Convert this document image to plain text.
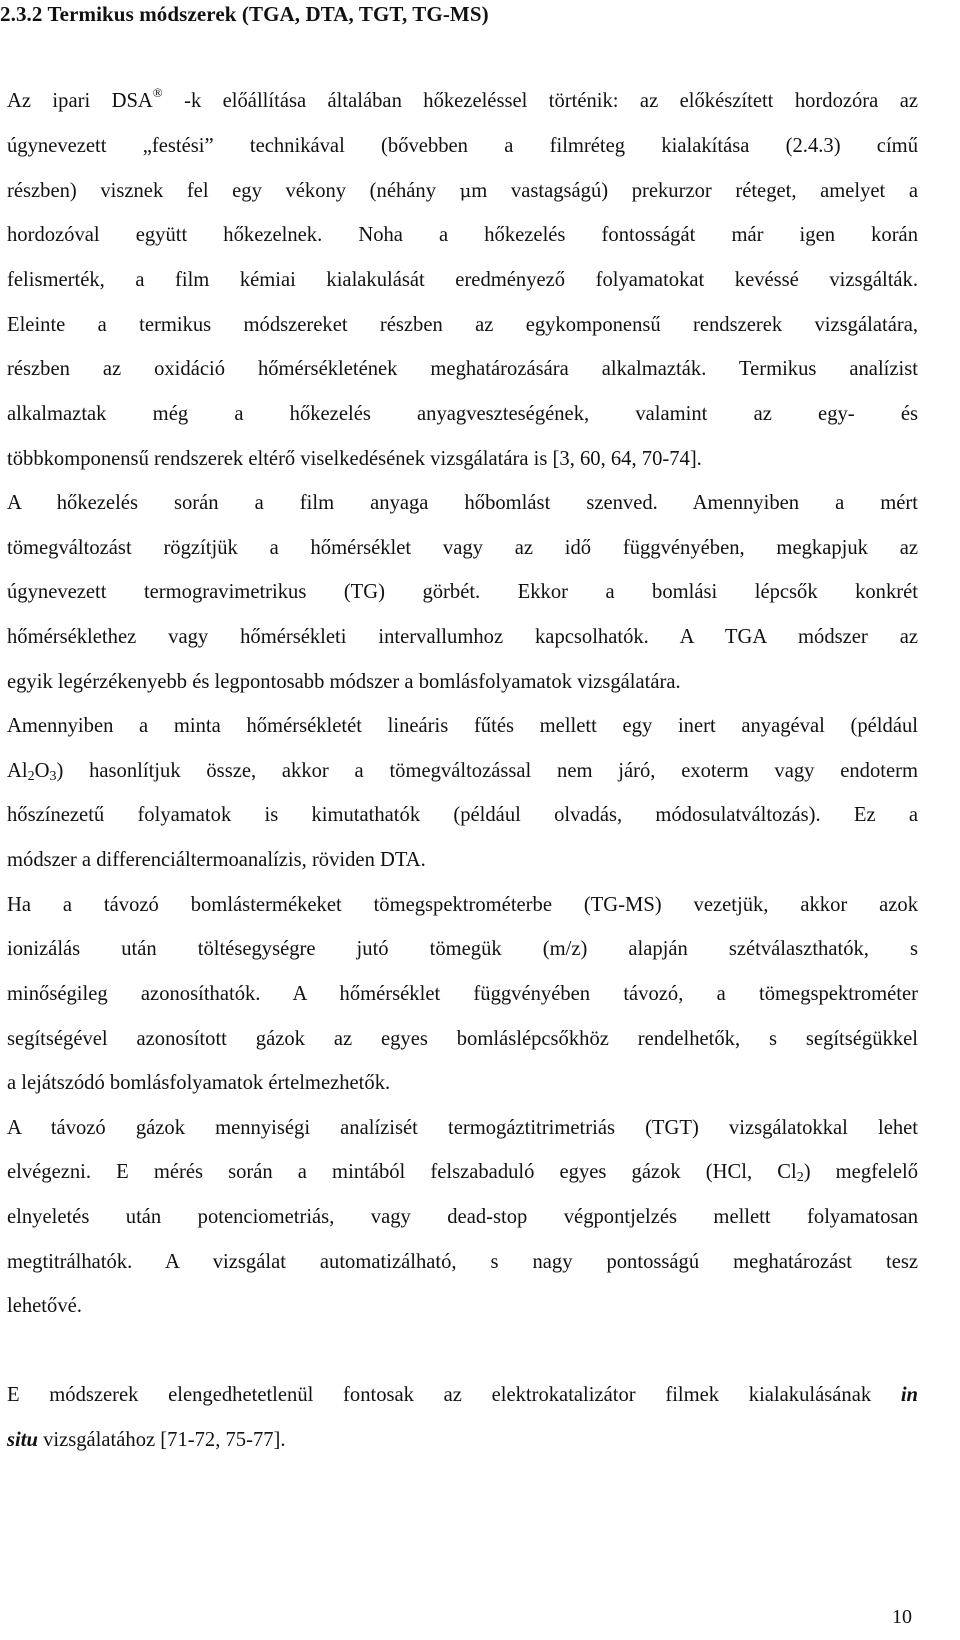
2.3.2 Termikus módszerek (TGA, DTA, TGT, TG-MS)
Az ipari DSA® -k előállítása általában hőkezeléssel történik: az előkészített hordozóra az
úgynevezett „festési” technikával (bővebben a filmréteg kialakítása (2.4.3) című
részben) visznek fel egy vékony (néhány μm vastagságú) prekurzor réteget, amelyet a
hordozóval együtt hőkezelnek. Noha a hőkezelés fontosságát már igen korán
felismerték, a film kémiai kialakulását eredményező folyamatokat kevéssé vizsgálták.
Eleinte a termikus módszereket részben az egykomponensű rendszerek vizsgálatára,
részben az oxidáció hőmérsékletének meghatározására alkalmazták. Termikus analízist
alkalmaztak még a hőkezelés anyagveszteségének, valamint az egy- és
többkomponensű rendszerek eltérő viselkedésének vizsgálatára is [3, 60, 64, 70-74].
A hőkezelés során a film anyaga hőbomlást szenved. Amennyiben a mért
tömegváltozást rögzítjük a hőmérséklet vagy az idő függvényében, megkapjuk az
úgynevezett termogravimetrikus (TG) görbét. Ekkor a bomlási lépcsők konkrét
hőmérséklethez vagy hőmérsékleti intervallumhoz kapcsolhatók. A TGA módszer az
egyik legérzékenyebb és legpontosabb módszer a bomlásfolyamatok vizsgálatára.
Amennyiben a minta hőmérsékletét lineáris fűtés mellett egy inert anyagéval (például
$Al_2O_3$) hasonlítjuk össze, akkor a tömegváltozással nem járó, exoterm vagy endoterm
hőszínezetű folyamatok is kimutathatók (például olvadás, módosulatváltozás). Ez a
módszer a differenciáltermoanalízis, röviden DTA.
Ha a távozó bomlástermékeket tömegspektrométerbe (TG-MS) vezetjük, akkor azok
ionizálás után töltésegységre jutó tömegük (m/z) alapján szétválaszthatók, s
minőségileg azonosíthatók. A hőmérséklet függvényében távozó, a tömegspektrométer
segítségével azonosított gázok az egyes bomláslépcsőkhöz rendelhetők, s segítségükkel
a lejátszódó bomlásfolyamatok értelmezhetők.
A távozó gázok mennyiségi analízisét termogáztitrimetriás (TGT) vizsgálatokkal lehet
elvégezni. E mérés során a mintából felszabaduló egyes gázok (HCl, $Cl_2$) megfelelő
elnyeletés után potenciometriás, vagy dead-stop végpontjelzés mellett folyamatosan
megtitrálhatók. A vizsgálat automatizálható, s nagy pontosságú meghatározást tesz
lehetővé.
E módszerek elengedhetetlenül fontosak az elektrokatalizátor filmek kialakulásának in
situ vizsgálatához [71-72, 75-77].
10
